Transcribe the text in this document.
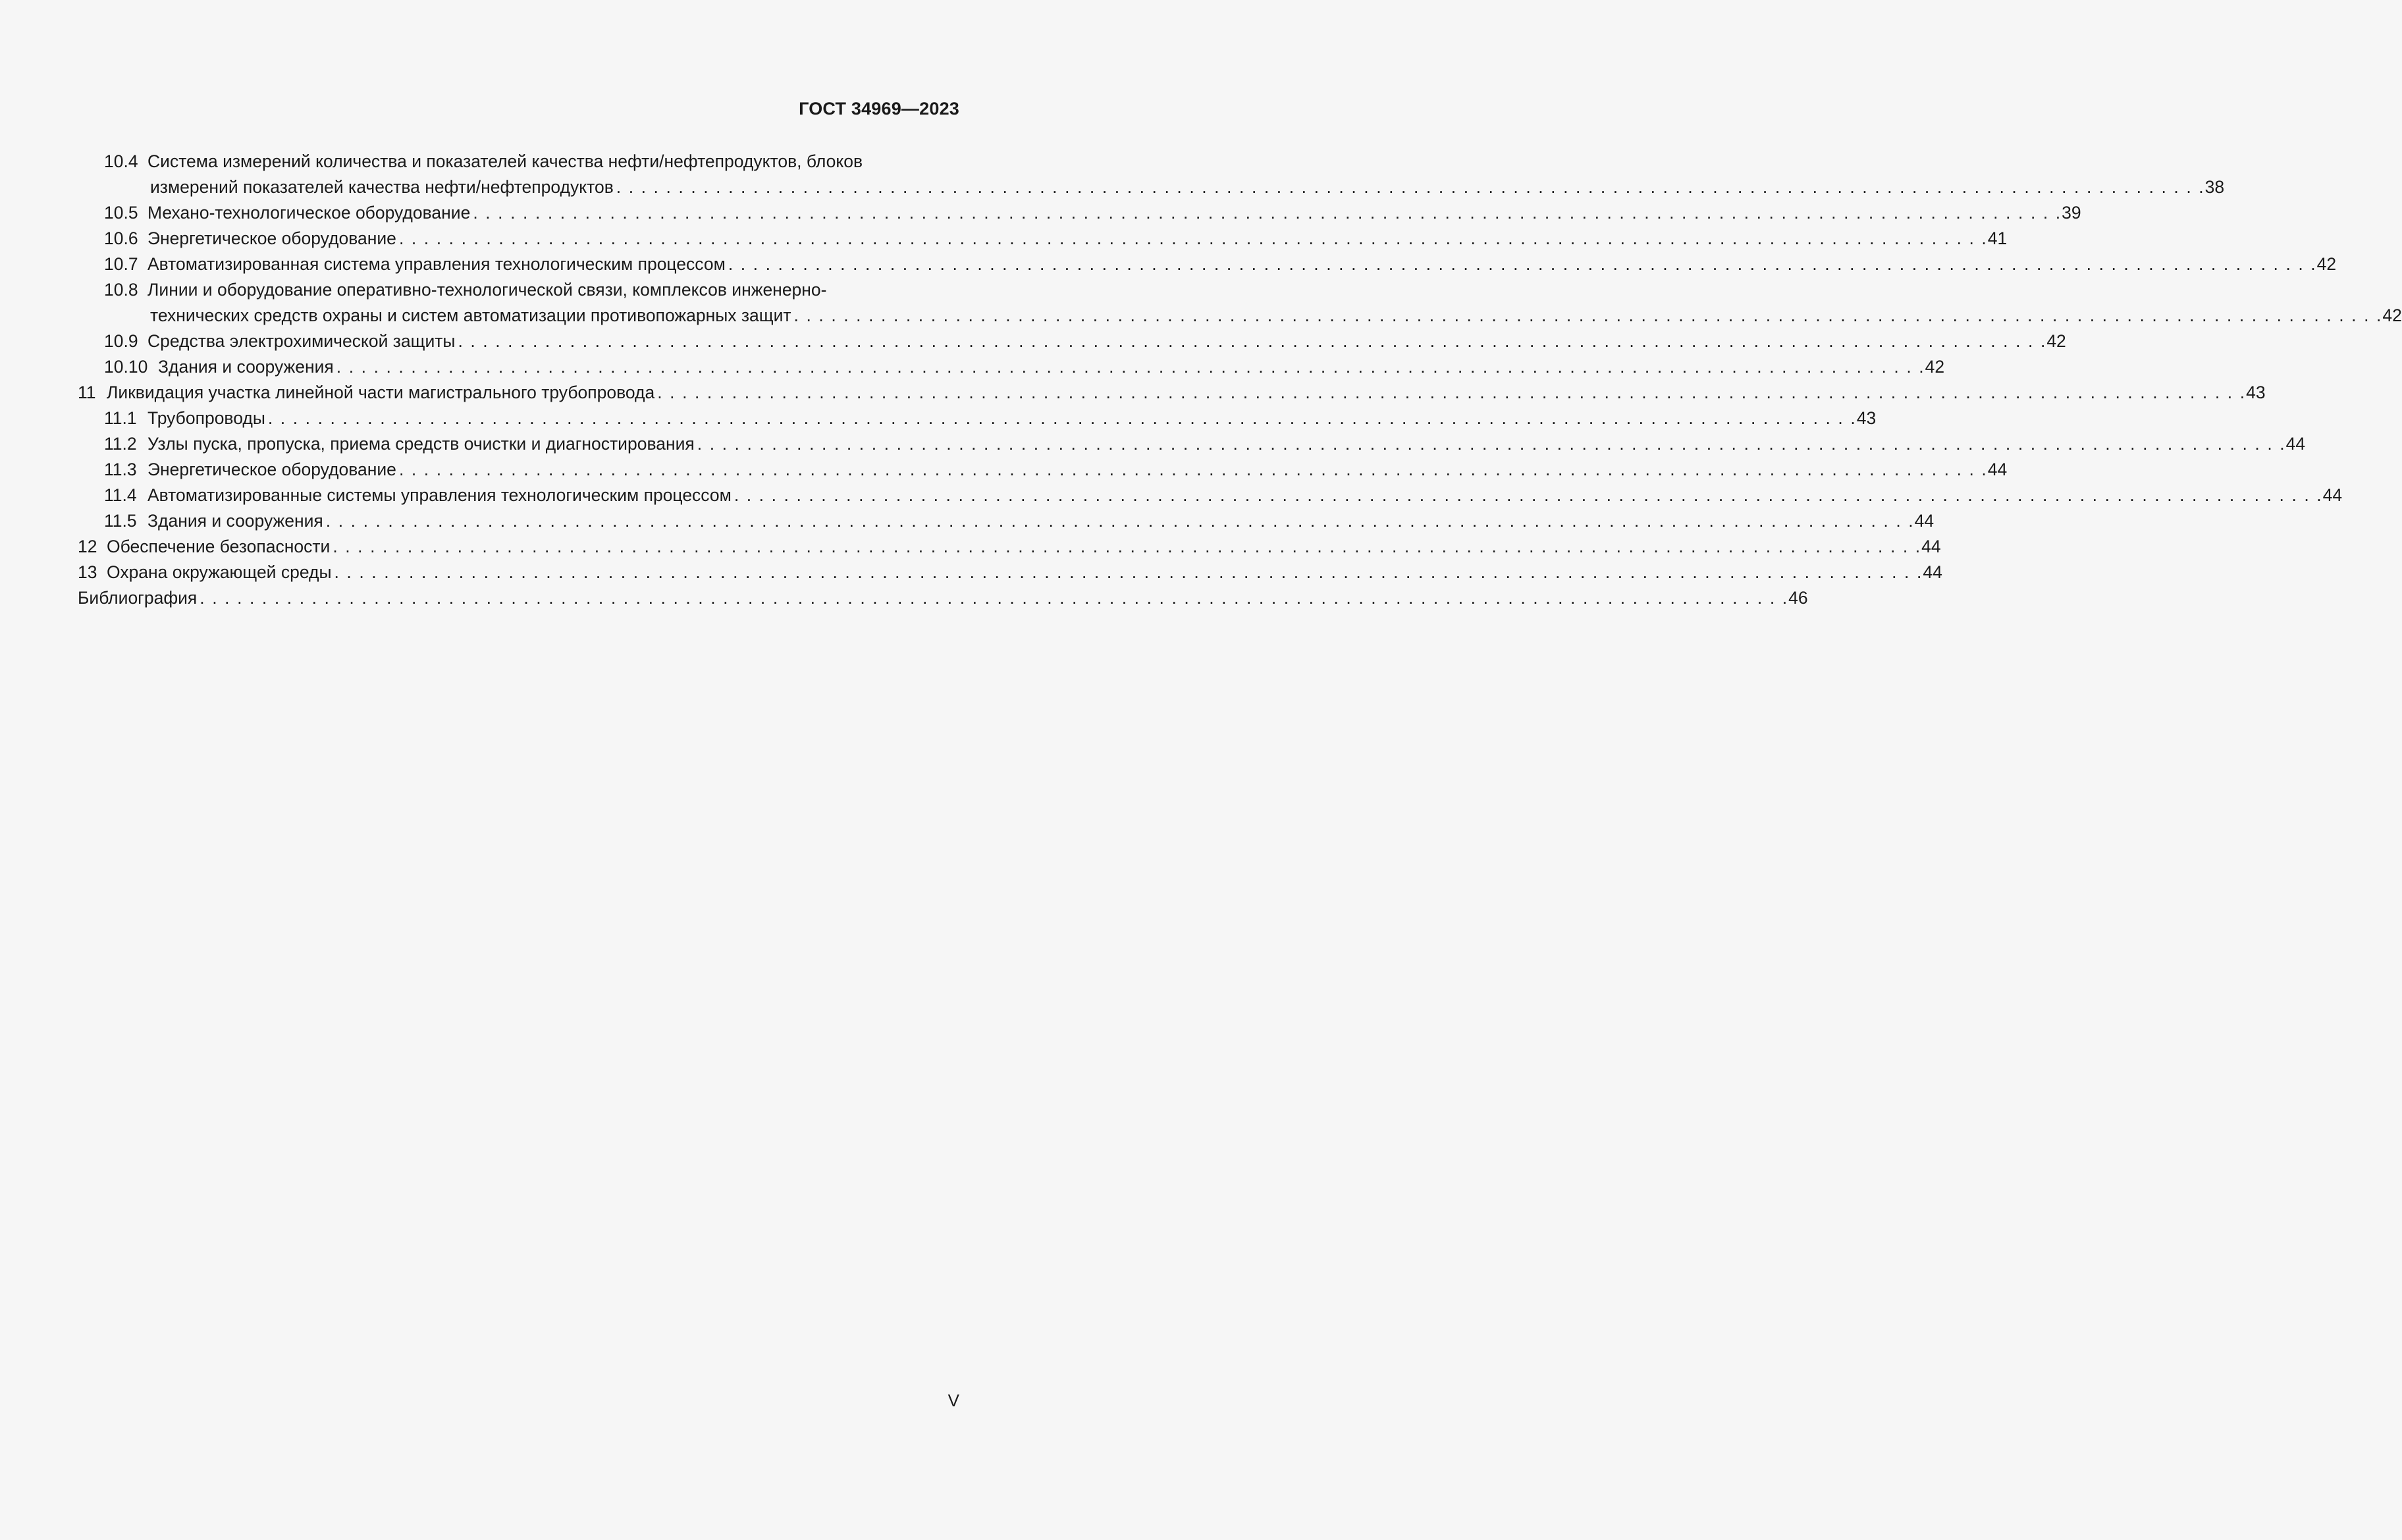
ГОСТ 34969—2023
10.4 Система измерений количества и показателей качества нефти/нефтепродуктов, блоков
измерений показателей качества нефти/нефтепродуктов . . .	38
10.5 Механо-технологическое оборудование . . .	39
10.6 Энергетическое оборудование . . .	41
10.7 Автоматизированная система управления технологическим процессом . . .	42
10.8 Линии и оборудование оперативно-технологической связи, комплексов инженерно-
технических средств охраны и систем автоматизации противопожарных защит . . .	42
10.9 Средства электрохимической защиты . . .	42
10.10 Здания и сооружения . . .	42
11 Ликвидация участка линейной части магистрального трубопровода . . .	43
11.1 Трубопроводы . . .	43
11.2 Узлы пуска, пропуска, приема средств очистки и диагностирования . . .	44
11.3 Энергетическое оборудование . . .	44
11.4 Автоматизированные системы управления технологическим процессом . . .	44
11.5 Здания и сооружения . . .	44
12 Обеспечение безопасности . . .	44
13 Охрана окружающей среды . . .	44
Библиография . . .	46
V
